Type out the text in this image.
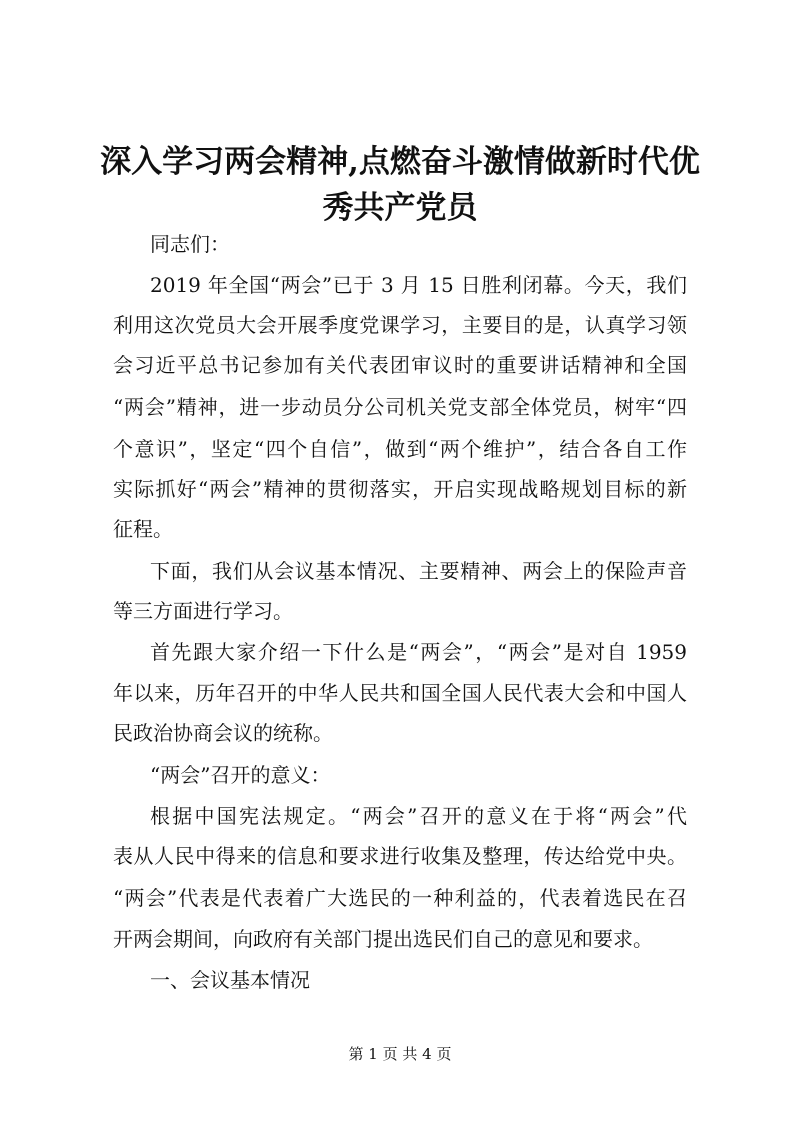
深入学习两会精神,点燃奋斗激情做新时代优
秀共产党员
同志们：
2019 年全国“两会”已于 3 月 15 日胜利闭幕。今天，我们
利用这次党员大会开展季度党课学习，主要目的是，认真学习领
会习近平总书记参加有关代表团审议时的重要讲话精神和全国
“两会”精神，进一步动员分公司机关党支部全体党员，树牢“四
个意识”，坚定“四个自信”，做到“两个维护”，结合各自工作
实际抓好“两会”精神的贯彻落实，开启实现战略规划目标的新
征程。
下面，我们从会议基本情况、主要精神、两会上的保险声音
等三方面进行学习。
首先跟大家介绍一下什么是“两会”，“两会”是对自 1959
年以来，历年召开的中华人民共和国全国人民代表大会和中国人
民政治协商会议的统称。
“两会”召开的意义：
根据中国宪法规定。“两会”召开的意义在于将“两会”代
表从人民中得来的信息和要求进行收集及整理，传达给党中央。
“两会”代表是代表着广大选民的一种利益的，代表着选民在召
开两会期间，向政府有关部门提出选民们自己的意见和要求。
一、会议基本情况
第 1 页 共 4 页
